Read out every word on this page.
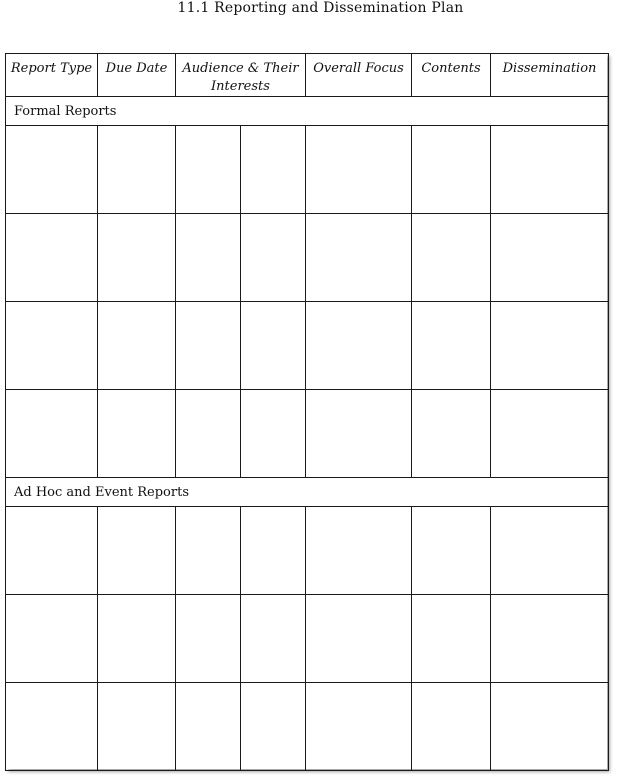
11.1 Reporting and Dissemination Plan
Report Type	Due Date	Audience & Their Interests		Overall Focus	Contents	Dissemination
Formal Reports						

Ad Hoc and Event Reports						
